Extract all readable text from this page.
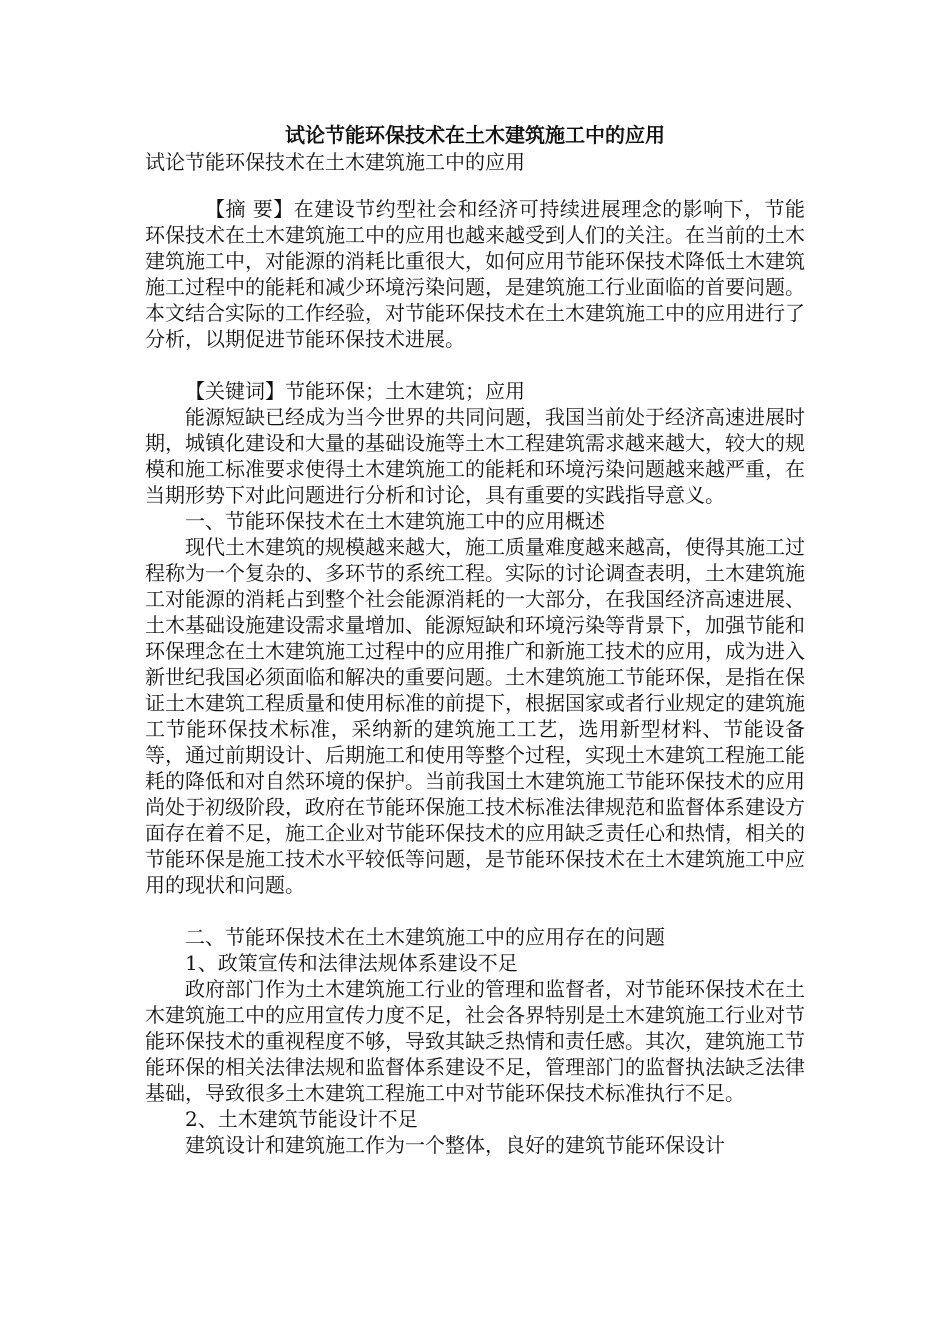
试论节能环保技术在土木建筑施工中的应用

试论节能环保技术在土木建筑施工中的应用

【摘 要】在建设节约型社会和经济可持续进展理念的影响下，节能环保技术在土木建筑施工中的应用也越来越受到人们的关注。在当前的土木建筑施工中，对能源的消耗比重很大，如何应用节能环保技术降低土木建筑施工过程中的能耗和减少环境污染问题，是建筑施工行业面临的首要问题。本文结合实际的工作经验，对节能环保技术在土木建筑施工中的应用进行了分析，以期促进节能环保技术进展。

【关键词】节能环保；土木建筑；应用

能源短缺已经成为当今世界的共同问题，我国当前处于经济高速进展时期，城镇化建设和大量的基础设施等土木工程建筑需求越来越大，较大的规模和施工标准要求使得土木建筑施工的能耗和环境污染问题越来越严重，在当期形势下对此问题进行分析和讨论，具有重要的实践指导意义。

一、节能环保技术在土木建筑施工中的应用概述

现代土木建筑的规模越来越大，施工质量难度越来越高，使得其施工过程称为一个复杂的、多环节的系统工程。实际的讨论调查表明，土木建筑施工对能源的消耗占到整个社会能源消耗的一大部分，在我国经济高速进展、土木基础设施建设需求量增加、能源短缺和环境污染等背景下，加强节能和环保理念在土木建筑施工过程中的应用推广和新施工技术的应用，成为进入新世纪我国必须面临和解决的重要问题。土木建筑施工节能环保，是指在保证土木建筑工程质量和使用标准的前提下，根据国家或者行业规定的建筑施工节能环保技术标准，采纳新的建筑施工工艺，选用新型材料、节能设备等，通过前期设计、后期施工和使用等整个过程，实现土木建筑工程施工能耗的降低和对自然环境的保护。当前我国土木建筑施工节能环保技术的应用尚处于初级阶段，政府在节能环保施工技术标准法律规范和监督体系建设方面存在着不足，施工企业对节能环保技术的应用缺乏责任心和热情，相关的节能环保是施工技术水平较低等问题，是节能环保技术在土木建筑施工中应用的现状和问题。

二、节能环保技术在土木建筑施工中的应用存在的问题

1、政策宣传和法律法规体系建设不足

政府部门作为土木建筑施工行业的管理和监督者，对节能环保技术在土木建筑施工中的应用宣传力度不足，社会各界特别是土木建筑施工行业对节能环保技术的重视程度不够，导致其缺乏热情和责任感。其次，建筑施工节能环保的相关法律法规和监督体系建设不足，管理部门的监督执法缺乏法律基础，导致很多土木建筑工程施工中对节能环保技术标准执行不足。

2、土木建筑节能设计不足

建筑设计和建筑施工作为一个整体，良好的建筑节能环保设计
